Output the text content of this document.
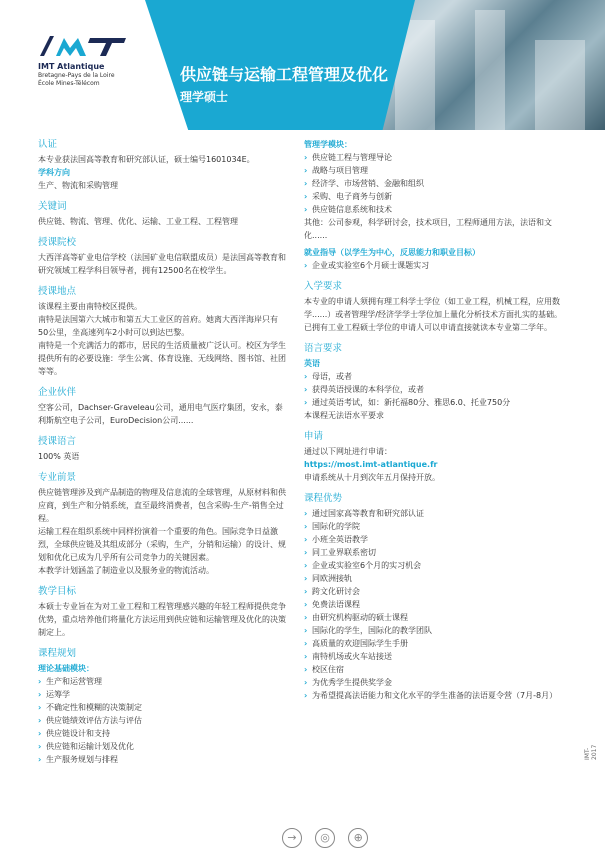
IMT Atlantique
Bretagne-Pays de la Loire
École Mines-Télécom	供应链与运输工程管理及优化
理学硕士
认证

本专业获法国高等教育和研究部认证，硕士编号1601034E。

学科方向

生产、物流和采购管理

关键词

供应链、物流、管理、优化、运输、工业工程、工程管理

授课院校

大西洋高等矿业电信学校（法国矿业电信联盟成员）是法国高等教育和研究领域工程学科目领导者，拥有12500名在校学生。

授课地点

该课程主要由南特校区提供。

南特是法国第六大城市和第五大工业区的首府。她离大西洋海岸只有50公里，坐高速列车2小时可以到达巴黎。

南特是一个充满活力的都市，居民的生活质量被广泛认可。校区为学生提供所有的必要设施：学生公寓、体育设施、无线网络、图书馆、社团等等。

企业伙伴

空客公司，Dachser-Graveleau公司，通用电气医疗集团，安永，泰利斯航空电子公司，EuroDecision公司......

授课语言

100% 英语

专业前景

供应链管理涉及到产品制造的物理及信息流的全球管理，从原材料和供应商，到生产和分销系统，直至最终消费者，包含采购-生产-销售全过程。

运输工程在组织系统中同样扮演着一个重要的角色。国际竞争日益激烈，全球供应链及其组成部分（采购，生产，分销和运输）的设计、规划和优化已成为几乎所有公司竞争力的关键因素。

本教学计划涵盖了制造业以及服务业的物流活动。

教学目标

本硕士专业旨在为对工业工程和工程管理感兴趣的年轻工程师提供竞争优势，重点培养他们将量化方法运用到供应链和运输管理及优化的决策制定上。

课程规划
理论基础模块：
› 生产和运营管理
› 运筹学
› 不确定性和模糊的决策制定
› 供应链绩效评估方法与评估
› 供应链设计和支持
› 供应链和运输计划及优化
› 生产服务规划与排程
管理学模块：
› 供应链工程与管理导论
› 战略与项目管理
› 经济学、市场营销、金融和组织
› 采购、电子商务与创新
› 供应链信息系统和技术

其他：公司参观，科学研讨会，技术项目，工程师通用方法，法语和文化......

就业指导（以学生为中心，反思能力和职业目标）
› 企业或实验室6个月硕士课题实习
入学要求

本专业的申请人须拥有理工科学士学位（如工业工程，机械工程，应用数学......）或者管理学/经济学学士学位加上量化分析技术方面扎实的基础。

已拥有工业工程硕士学位的申请人可以申请直接就读本专业第二学年。

语言要求
英语
› 母语，或者
› 获得英语授课的本科学位，或者
› 通过英语考试，如：新托福80分、雅思6.0、托业750分

本课程无法语水平要求

申请

通过以下网址进行申请：

https://most.imt-atlantique.fr

申请系统从十月到次年五月保持开放。

课程优势
› 通过国家高等教育和研究部认证
› 国际化的学院
› 小班全英语教学
› 同工业界联系密切
› 企业或实验室6个月的实习机会
› 同欧洲接轨
› 跨文化研讨会
› 免费法语课程
› 由研究机构驱动的硕士课程
› 国际化的学生，国际化的教学团队
› 高质量的欢迎国际学生手册
› 南特机场或火车站接送
› 校区住宿
› 为优秀学生提供奖学金
› 为希望提高法语能力和文化水平的学生准备的法语夏令营（7月-8月）
→ ◎ ⊕
IMT- 2017
